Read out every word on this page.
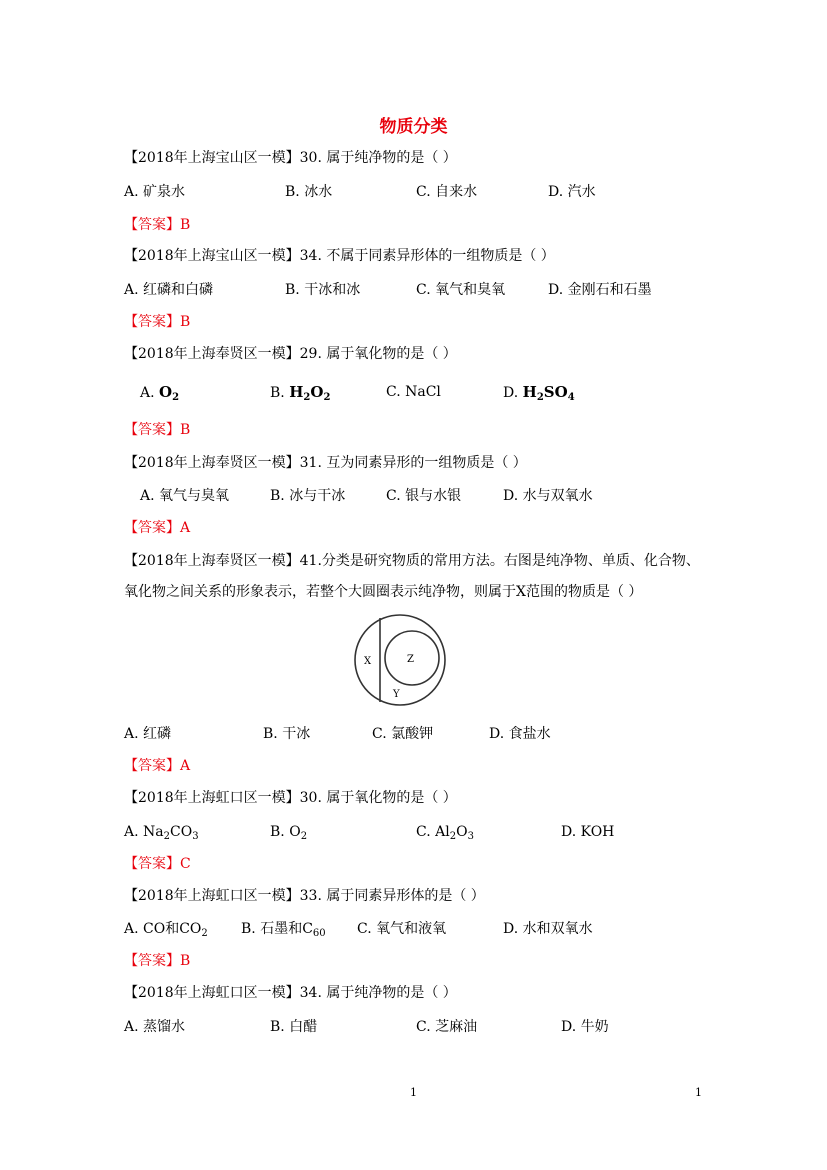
物质分类
【2018年上海宝山区一模】30. 属于纯净物的是（ ）
A. 矿泉水	B. 冰水	C. 自来水	D. 汽水
【答案】B
【2018年上海宝山区一模】34. 不属于同素异形体的一组物质是（ ）
A. 红磷和白磷	B. 干冰和冰	C. 氧气和臭氧	D. 金刚石和石墨
【答案】B
【2018年上海奉贤区一模】29. 属于氧化物的是（ ）
A. $O_2$	B. $H_2O_2$	C. NaCl	D. $H_2SO_4$
【答案】B
【2018年上海奉贤区一模】31. 互为同素异形的一组物质是（ ）
A. 氧气与臭氧	B. 冰与干冰	C. 银与水银	D. 水与双氧水
【答案】A
【2018年上海奉贤区一模】41.分类是研究物质的常用方法。右图是纯净物、单质、化合物、
氧化物之间关系的形象表示，若整个大圆圈表示纯净物，则属于X范围的物质是（ ）
X	Z
Y
A. 红磷	B. 干冰	C. 氯酸钾	D. 食盐水
【答案】A
【2018年上海虹口区一模】30. 属于氧化物的是（ ）
A. $Na_2CO_3$	B. $O_2$	C. $Al_2O_3$	D. KOH
【答案】C
【2018年上海虹口区一模】33. 属于同素异形体的是（ ）
A. CO和$CO_2$ B. 石墨和$C_{60}$ C. 氧气和液氧	D. 水和双氧水
【答案】B
【2018年上海虹口区一模】34. 属于纯净物的是（ ）
A. 蒸馏水	B. 白醋	C. 芝麻油	D. 牛奶
1	1
